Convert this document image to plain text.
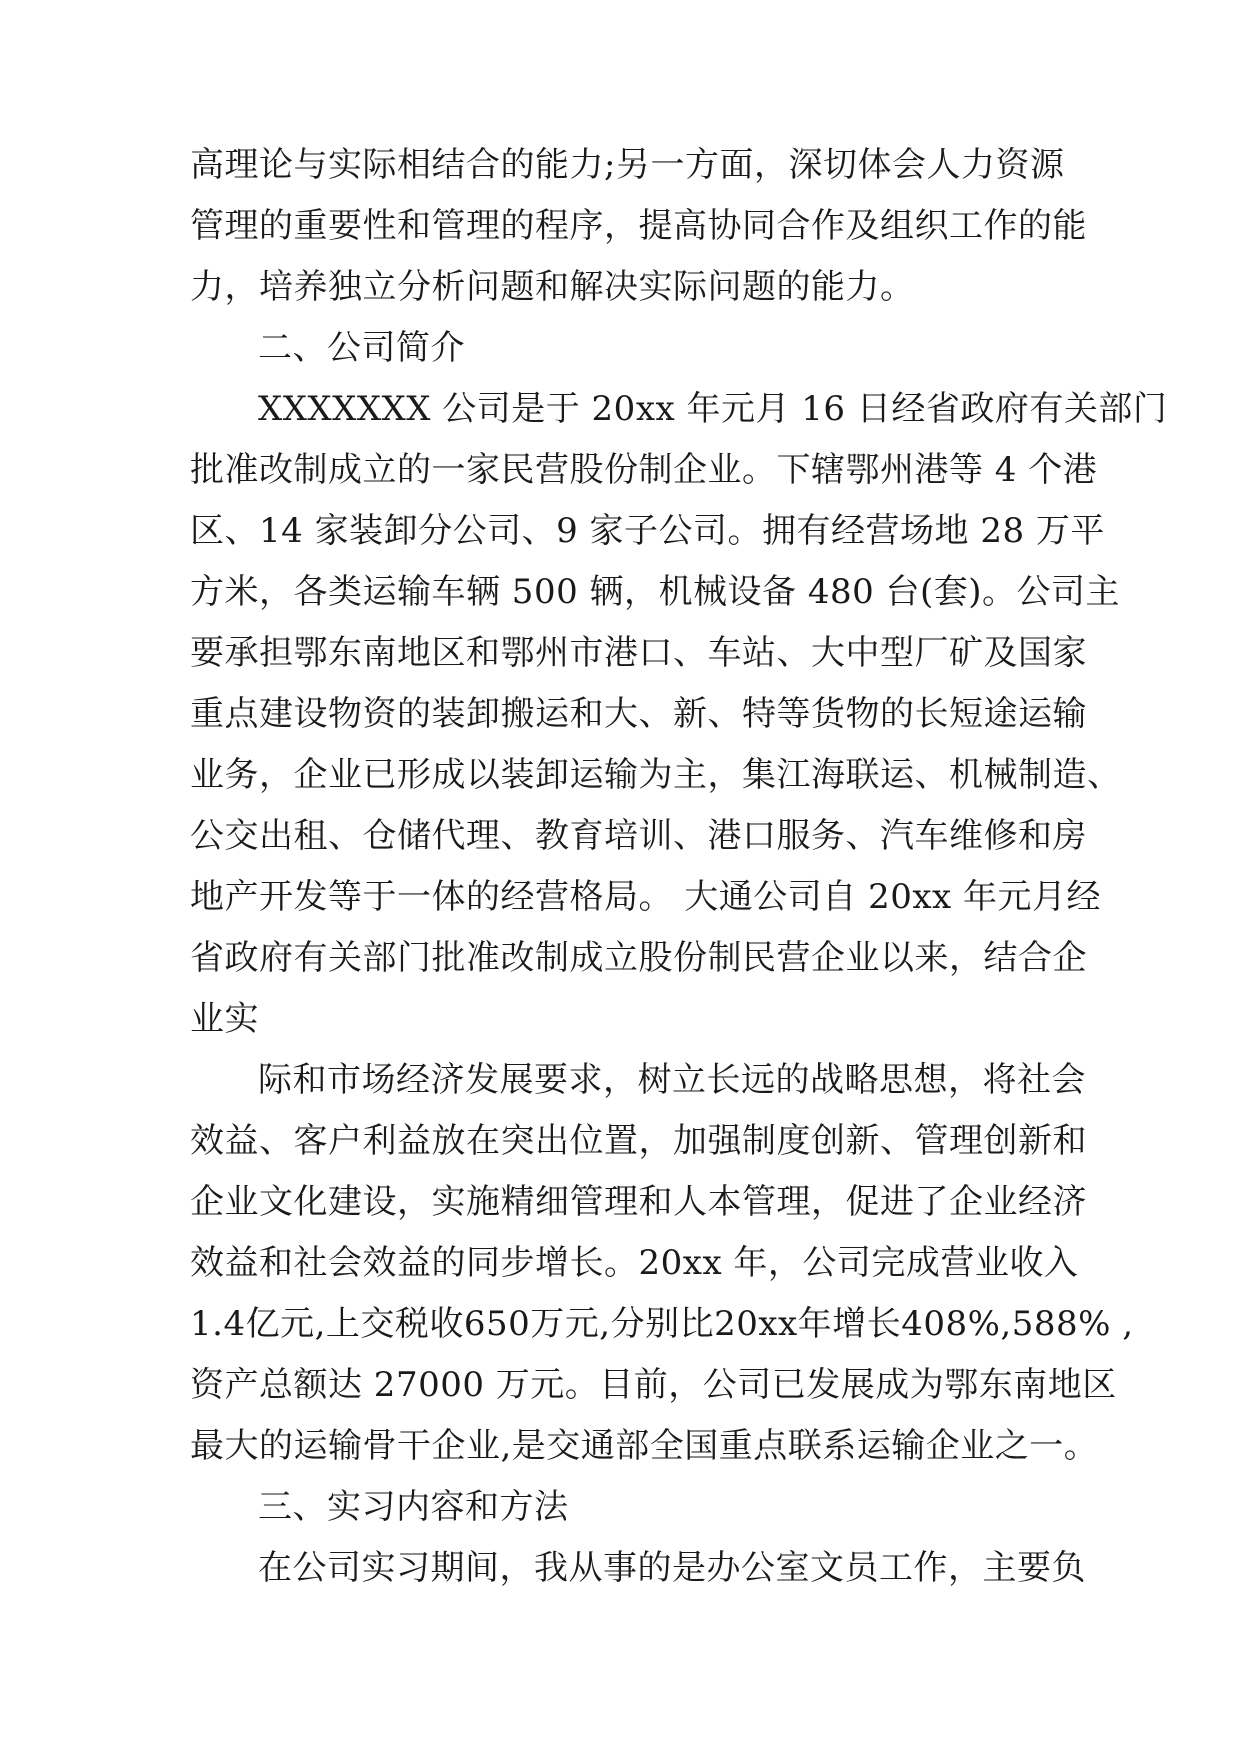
高理论与实际相结合的能力;另一方面，深切体会人力资源
管理的重要性和管理的程序，提高协同合作及组织工作的能
力，培养独立分析问题和解决实际问题的能力。
二、公司简介
XXXXXXX 公司是于 20xx 年元月 16 日经省政府有关部门
批准改制成立的一家民营股份制企业。下辖鄂州港等 4 个港
区、14 家装卸分公司、9 家子公司。拥有经营场地 28 万平
方米，各类运输车辆 500 辆，机械设备 480 台(套)。公司主
要承担鄂东南地区和鄂州市港口、车站、大中型厂矿及国家
重点建设物资的装卸搬运和大、新、特等货物的长短途运输
业务，企业已形成以装卸运输为主，集江海联运、机械制造、
公交出租、仓储代理、教育培训、港口服务、汽车维修和房
地产开发等于一体的经营格局。 大通公司自 20xx 年元月经
省政府有关部门批准改制成立股份制民营企业以来，结合企
业实
际和市场经济发展要求，树立长远的战略思想，将社会
效益、客户利益放在突出位置，加强制度创新、管理创新和
企业文化建设，实施精细管理和人本管理，促进了企业经济
效益和社会效益的同步增长。20xx 年，公司完成营业收入
1.4亿元,上交税收650万元,分别比20xx年增长408%,588% ,
资产总额达 27000 万元。目前，公司已发展成为鄂东南地区
最大的运输骨干企业,是交通部全国重点联系运输企业之一。
三、实习内容和方法
在公司实习期间，我从事的是办公室文员工作，主要负
